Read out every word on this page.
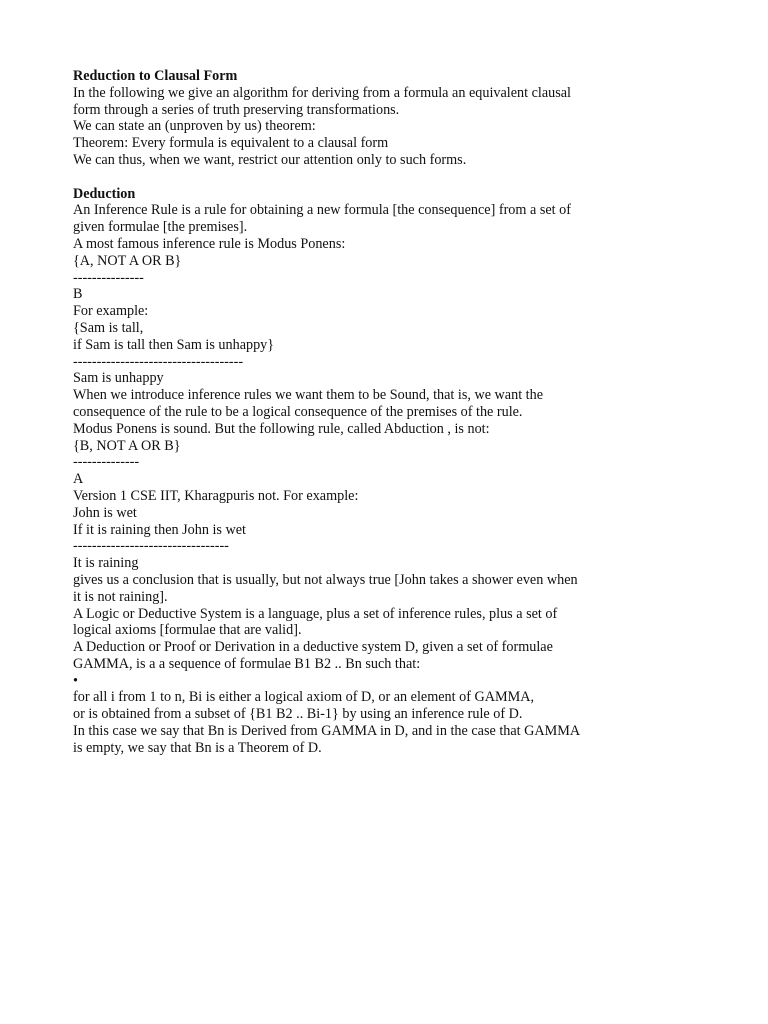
Reduction to Clausal Form
In the following we give an algorithm for deriving from a formula an equivalent clausal
form through a series of truth preserving transformations.
We can state an (unproven by us) theorem:
Theorem: Every formula is equivalent to a clausal form
We can thus, when we want, restrict our attention only to such forms.
Deduction
An Inference Rule is a rule for obtaining a new formula [the consequence] from a set of
given formulae [the premises].
A most famous inference rule is Modus Ponens:
{A, NOT A OR B}
---------------
B
For example:
{Sam is tall,
if Sam is tall then Sam is unhappy}
------------------------------------
Sam is unhappy
When we introduce inference rules we want them to be Sound, that is, we want the
consequence of the rule to be a logical consequence of the premises of the rule.
Modus Ponens is sound. But the following rule, called Abduction , is not:
{B, NOT A OR B}
--------------
A
Version 1 CSE IIT, Kharagpuris not. For example:
John is wet
If it is raining then John is wet
---------------------------------
It is raining
gives us a conclusion that is usually, but not always true [John takes a shower even when
it is not raining].
A Logic or Deductive System is a language, plus a set of inference rules, plus a set of
logical axioms [formulae that are valid].
A Deduction or Proof or Derivation in a deductive system D, given a set of formulae
GAMMA, is a a sequence of formulae B1 B2 .. Bn such that:
•
for all i from 1 to n, Bi is either a logical axiom of D, or an element of GAMMA,
or is obtained from a subset of {B1 B2 .. Bi-1} by using an inference rule of D.
In this case we say that Bn is Derived from GAMMA in D, and in the case that GAMMA
is empty, we say that Bn is a Theorem of D.
